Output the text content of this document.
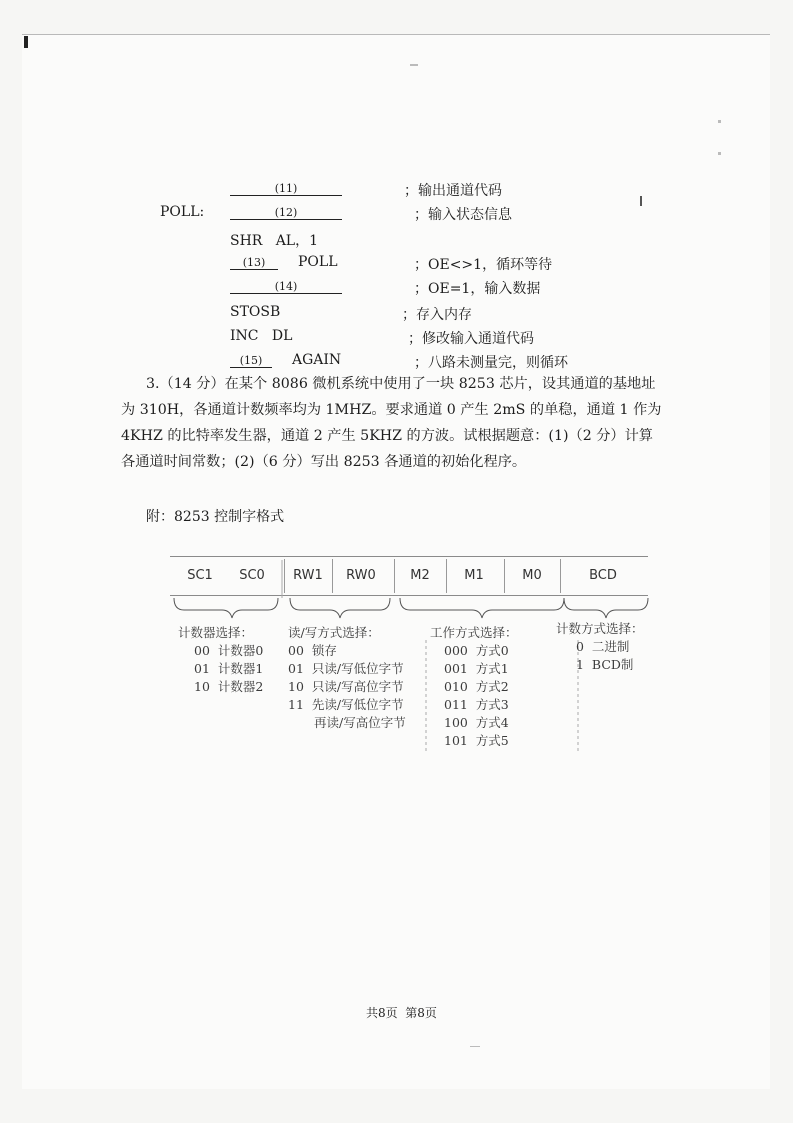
(11)	；输出通道代码
POLL:	(12)	；输入状态信息
SHR   AL，1
(13)	POLL	；OE<>1，循环等待
(14)	；OE=1，输入数据
STOSB	；存入内存
INC   DL	；修改输入通道代码
(15)	AGAIN	；八路未测量完，则循环
3.（14 分）在某个 8086 微机系统中使用了一块 8253 芯片，设其通道的基地址
为 310H，各通道计数频率均为 1MHZ。要求通道 0 产生 2mS 的单稳，通道 1 作为
4KHZ 的比特率发生器，通道 2 产生 5KHZ 的方波。试根据题意：(1)（2 分）计算
各通道时间常数；(2)（6 分）写出 8253 各通道的初始化程序。
附：8253 控制字格式
SC1	SC0	RW1	RW0	M2	M1	M0	BCD
计数器选择：
00  计数器0
01  计数器1
10  计数器2
读/写方式选择：
00  锁存
01  只读/写低位字节
10  只读/写高位字节
11  先读/写低位字节
再读/写高位字节
工作方式选择：
000  方式0
001  方式1
010  方式2
011  方式3
100  方式4
101  方式5
计数方式选择：
0  二进制
1  BCD制
共8页  第8页
